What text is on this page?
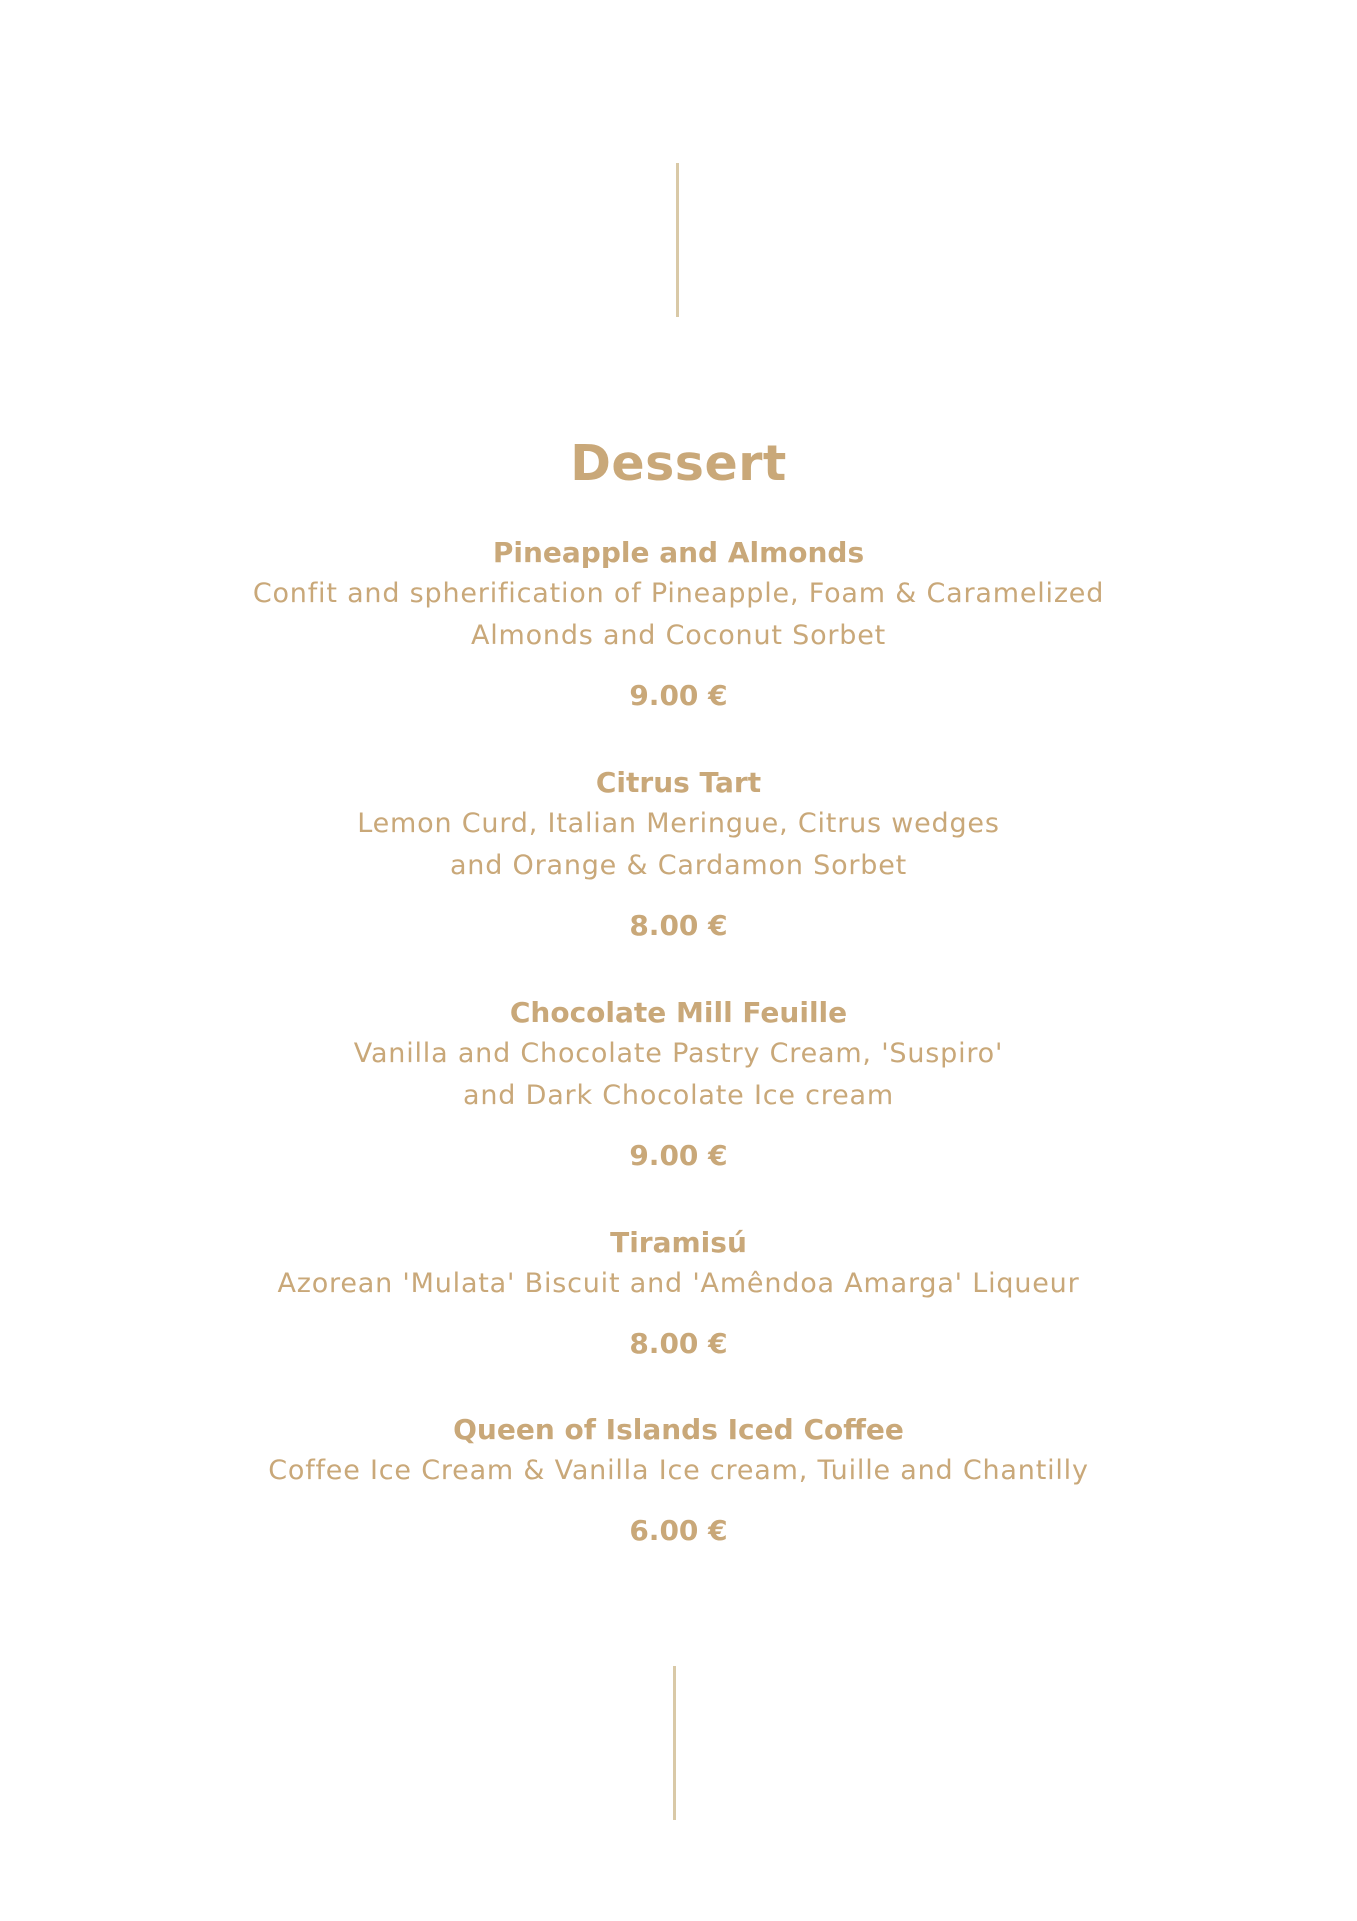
Dessert
Pineapple and Almonds
Confit and spherification of Pineapple, Foam & Caramelized
Almonds and Coconut Sorbet
9.00 €
Citrus Tart
Lemon Curd, Italian Meringue, Citrus wedges
and Orange & Cardamon Sorbet
8.00 €
Chocolate Mill Feuille
Vanilla and Chocolate Pastry Cream, 'Suspiro'
and Dark Chocolate Ice cream
9.00 €
Tiramisú
Azorean 'Mulata' Biscuit and 'Amêndoa Amarga' Liqueur
8.00 €
Queen of Islands Iced Coffee
Coffee Ice Cream & Vanilla Ice cream, Tuille and Chantilly
6.00 €
